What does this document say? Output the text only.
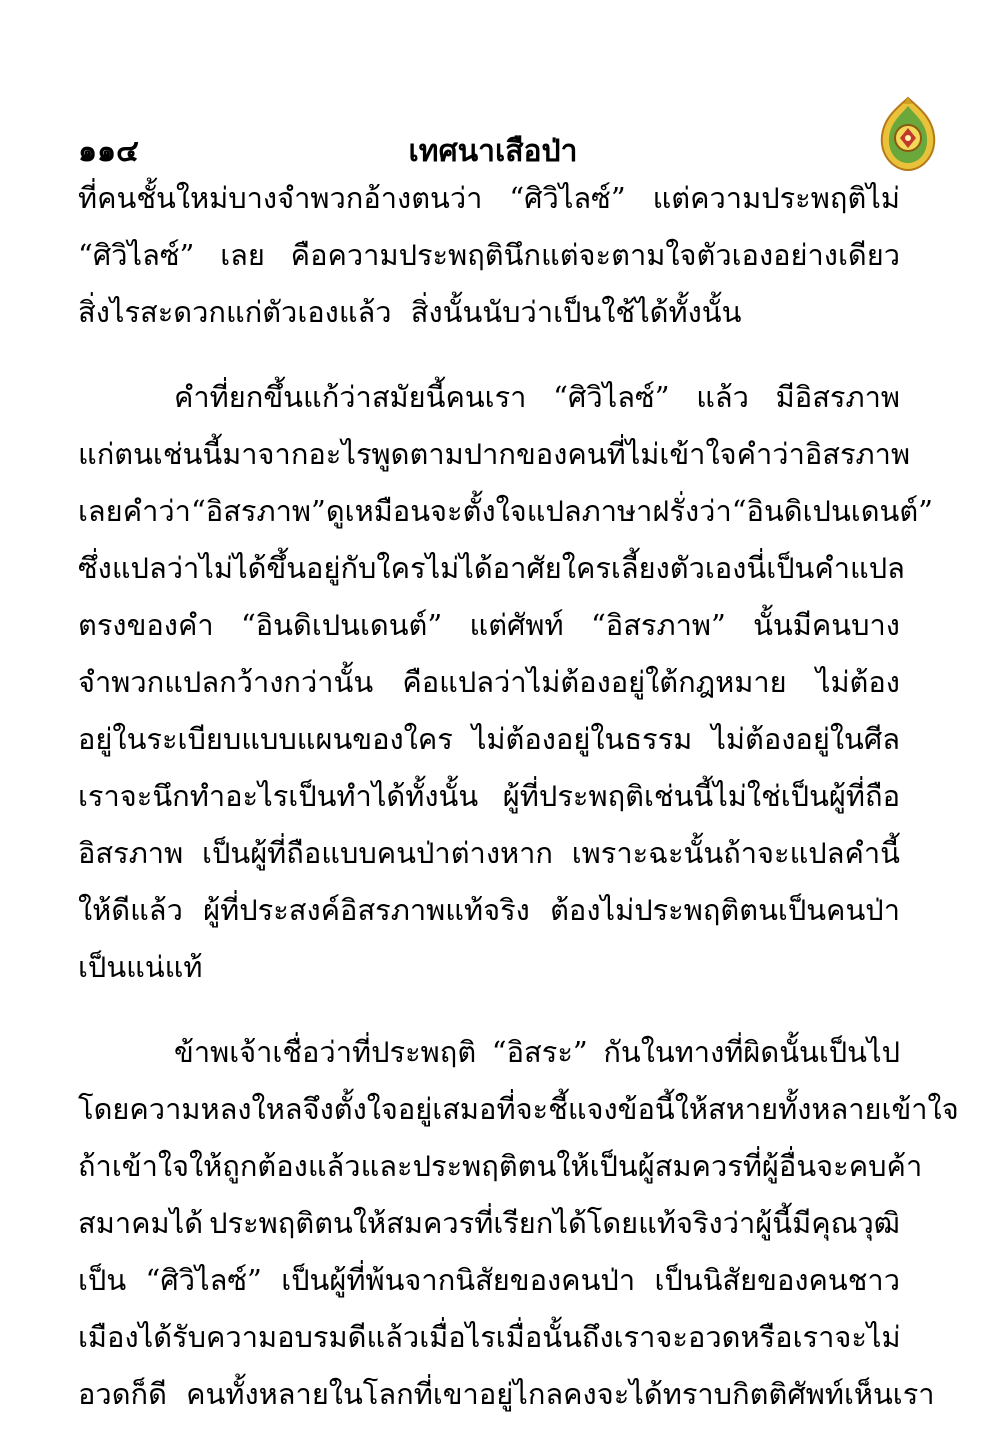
๑๑๔	เทศนาเสือป่า
ที่คนชั้นใหม่บางจำพวกอ้างตนว่า “ศิวิไลซ์” แต่ความประพฤติไม่
“ศิวิไลซ์” เลย คือความประพฤตินึกแต่จะตามใจตัวเองอย่างเดียว
สิ่งไรสะดวกแก่ตัวเองแล้ว สิ่งนั้นนับว่าเป็นใช้ได้ทั้งนั้น
คำที่ยกขึ้นแก้ว่าสมัยนี้คนเรา “ศิวิไลซ์” แล้ว มีอิสรภาพ
แก่ตนเช่นนี้ มาจากอะไร พูดตามปากของคนที่ไม่เข้าใจคำว่าอิสรภาพ
เลย คำว่า “อิสรภาพ” ดูเหมือนจะตั้งใจแปลภาษาฝรั่งว่า “อินดิเปนเดนต์”
ซึ่งแปลว่าไม่ได้ขึ้นอยู่กับใคร ไม่ได้อาศัยใคร เลี้ยงตัวเอง นี่เป็นคำแปล
ตรงของคำ “อินดิเปนเดนต์” แต่ศัพท์ “อิสรภาพ” นั้นมีคนบาง
จำพวกแปลกว้างกว่านั้น คือแปลว่าไม่ต้องอยู่ใต้กฎหมาย ไม่ต้อง
อยู่ในระเบียบแบบแผนของใคร ไม่ต้องอยู่ในธรรม ไม่ต้องอยู่ในศีล
เราจะนึกทำอะไรเป็นทำได้ทั้งนั้น ผู้ที่ประพฤติเช่นนี้ไม่ใช่เป็นผู้ที่ถือ
อิสรภาพ เป็นผู้ที่ถือแบบคนป่าต่างหาก เพราะฉะนั้นถ้าจะแปลคำนี้
ให้ดีแล้ว ผู้ที่ประสงค์อิสรภาพแท้จริง ต้องไม่ประพฤติตนเป็นคนป่า
เป็นแน่แท้
ข้าพเจ้าเชื่อว่าที่ประพฤติ “อิสระ” กันในทางที่ผิดนั้นเป็นไป
โดยความหลงใหล จึงตั้งใจอยู่เสมอที่จะชี้แจงข้อนี้ให้สหายทั้งหลายเข้าใจ
ถ้าเข้าใจให้ถูกต้องแล้วและประพฤติตนให้เป็นผู้สมควรที่ผู้อื่นจะคบค้า
สมาคมได้ ประพฤติตนให้สมควรที่เรียกได้โดยแท้จริงว่าผู้นี้มีคุณวุฒิ
เป็น “ศิวิไลซ์” เป็นผู้ที่พ้นจากนิสัยของคนป่า เป็นนิสัยของคนชาว
เมืองได้รับความอบรมดีแล้วเมื่อไร เมื่อนั้นถึงเราจะอวดหรือเราจะไม่
อวดก็ดี คนทั้งหลายในโลกที่เขาอยู่ไกลคงจะได้ทราบกิตติศัพท์เห็นเรา
